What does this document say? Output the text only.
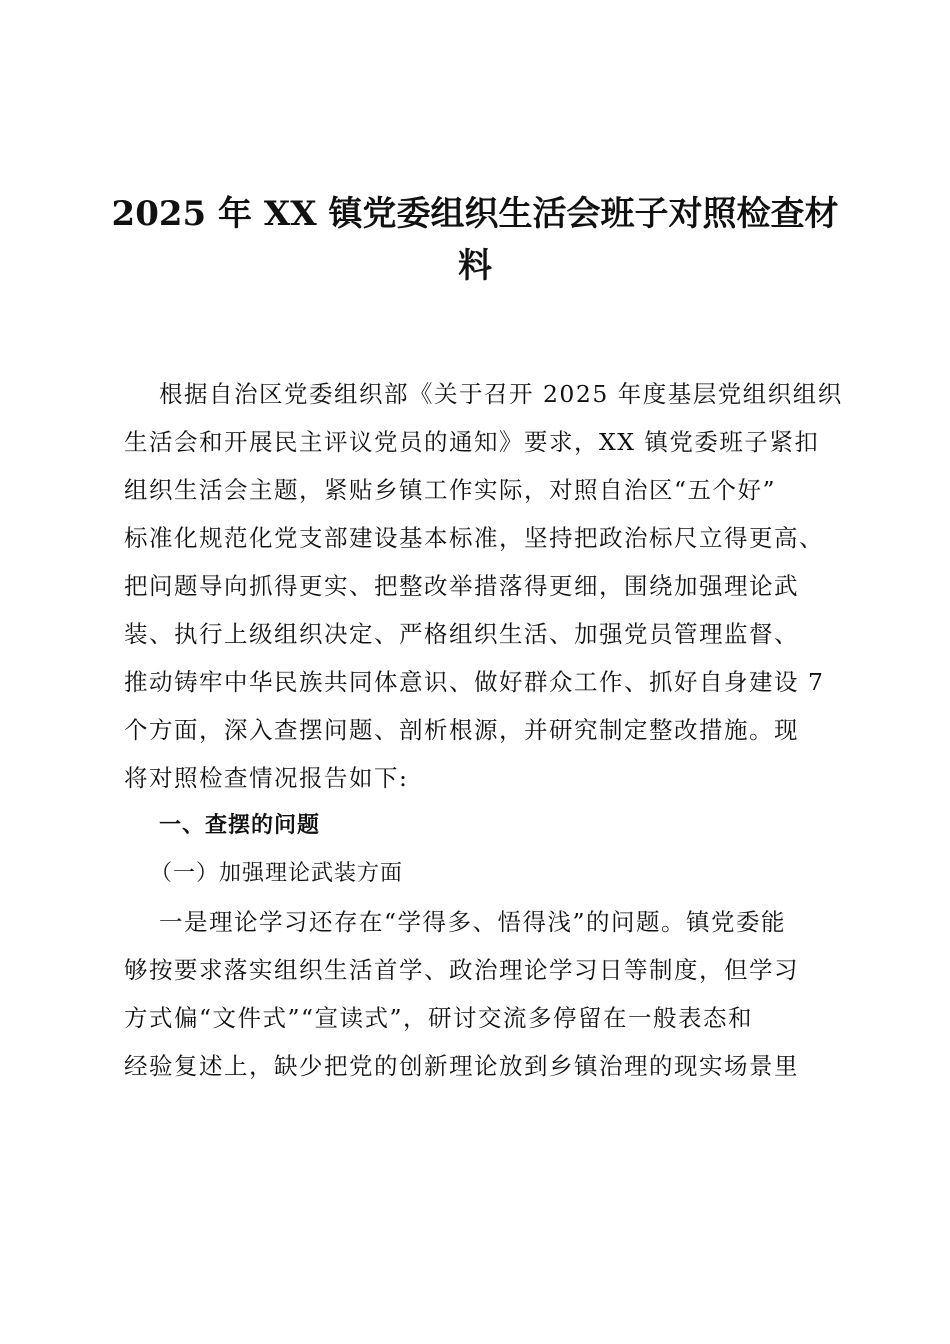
2025 年 XX 镇党委组织生活会班子对照检查材
料
根据自治区党委组织部《关于召开 2025 年度基层党组织组织
生活会和开展民主评议党员的通知》要求，XX 镇党委班子紧扣
组织生活会主题，紧贴乡镇工作实际，对照自治区“五个好”
标准化规范化党支部建设基本标准，坚持把政治标尺立得更高、
把问题导向抓得更实、把整改举措落得更细，围绕加强理论武
装、执行上级组织决定、严格组织生活、加强党员管理监督、
推动铸牢中华民族共同体意识、做好群众工作、抓好自身建设 7
个方面，深入查摆问题、剖析根源，并研究制定整改措施。现
将对照检查情况报告如下:
一、查摆的问题
（一）加强理论武装方面
一是理论学习还存在“学得多、悟得浅”的问题。镇党委能
够按要求落实组织生活首学、政治理论学习日等制度，但学习
方式偏“文件式”“宣读式”，研讨交流多停留在一般表态和
经验复述上，缺少把党的创新理论放到乡镇治理的现实场景里
